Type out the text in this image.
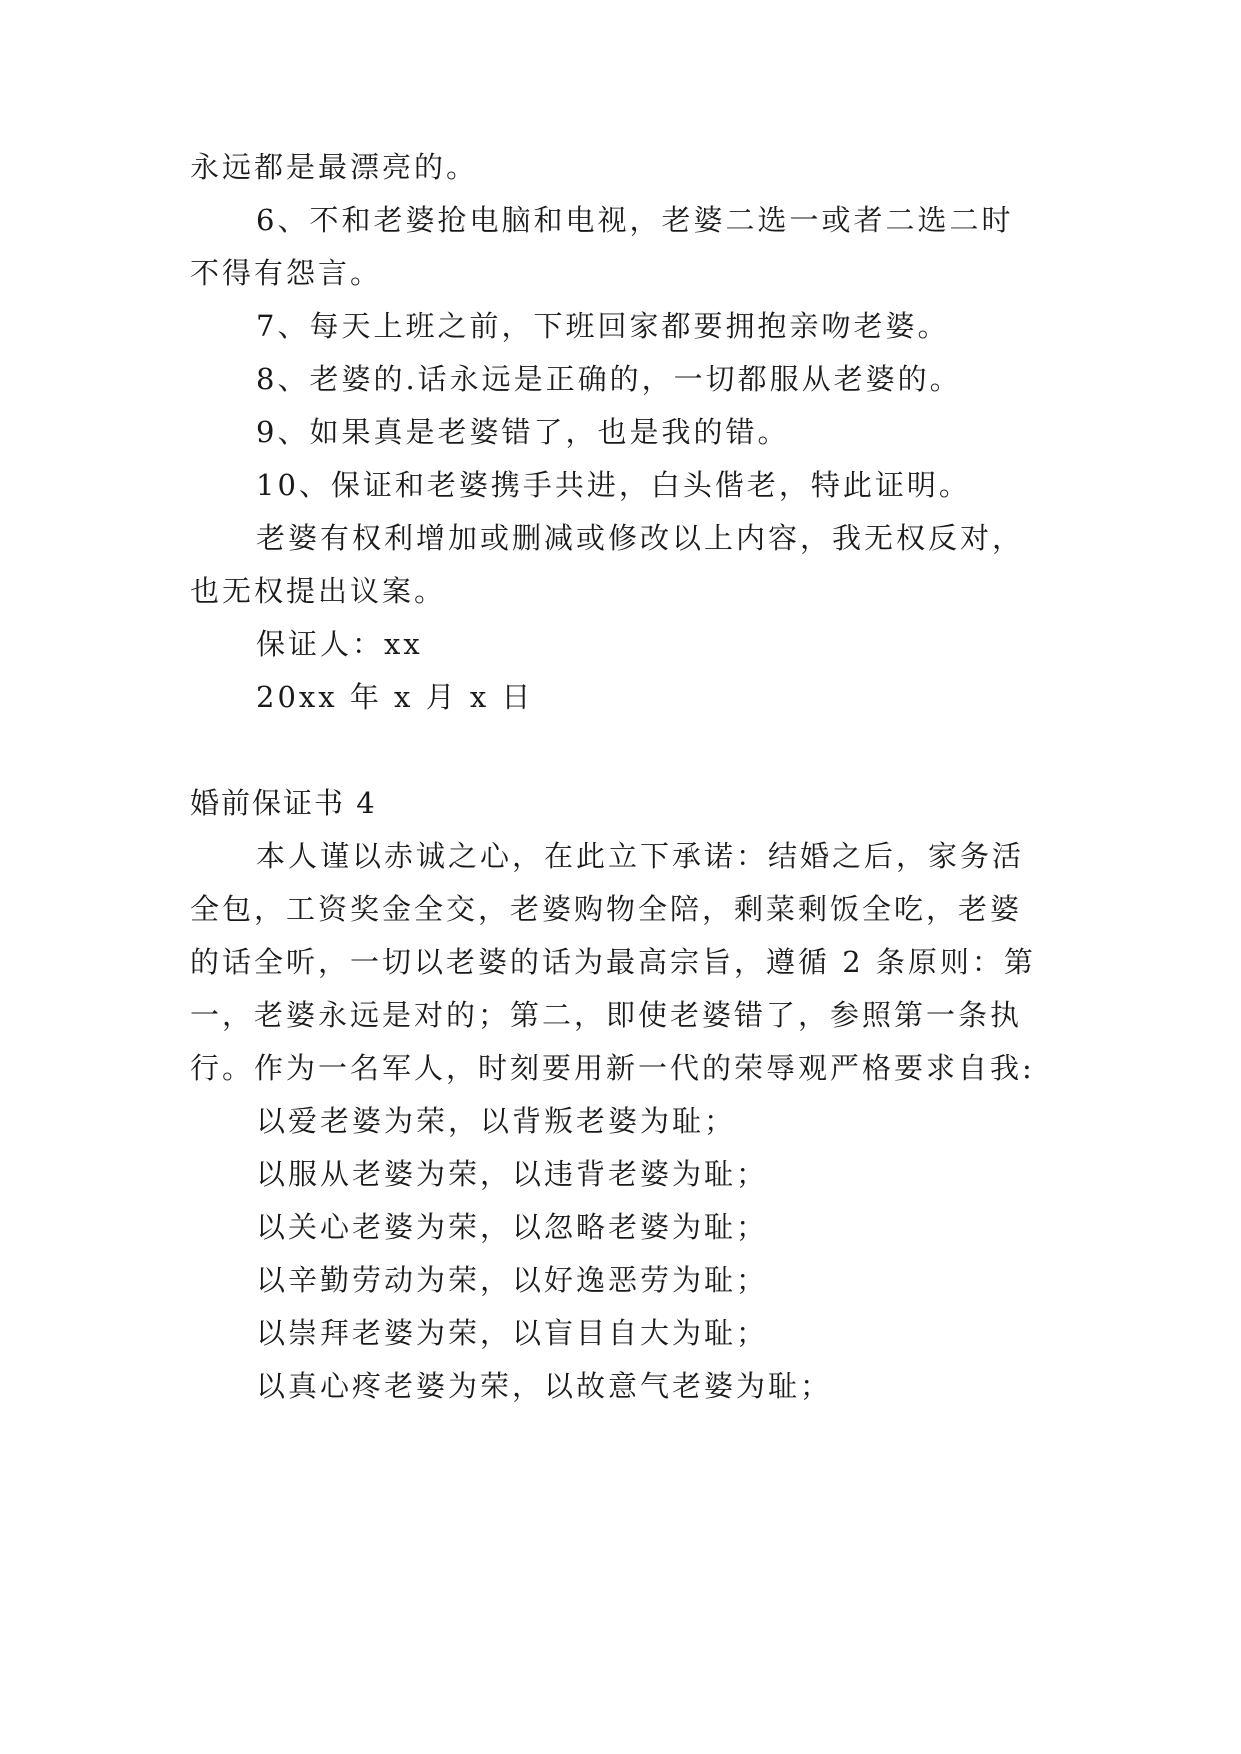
永远都是最漂亮的。

6、不和老婆抢电脑和电视，老婆二选一或者二选二时

不得有怨言。

7、每天上班之前，下班回家都要拥抱亲吻老婆。

8、老婆的.话永远是正确的，一切都服从老婆的。

9、如果真是老婆错了，也是我的错。

10、保证和老婆携手共进，白头偕老，特此证明。

老婆有权利增加或删减或修改以上内容，我无权反对，

也无权提出议案。

保证人：xx

20xx 年 x 月 x 日

婚前保证书 4

本人谨以赤诚之心，在此立下承诺：结婚之后，家务活

全包，工资奖金全交，老婆购物全陪，剩菜剩饭全吃，老婆

的话全听，一切以老婆的话为最高宗旨，遵循 2 条原则：第

一，老婆永远是对的；第二，即使老婆错了，参照第一条执

行。作为一名军人，时刻要用新一代的荣辱观严格要求自我:

以爱老婆为荣，以背叛老婆为耻；

以服从老婆为荣，以违背老婆为耻；

以关心老婆为荣，以忽略老婆为耻；

以辛勤劳动为荣，以好逸恶劳为耻；

以崇拜老婆为荣，以盲目自大为耻；

以真心疼老婆为荣，以故意气老婆为耻；
